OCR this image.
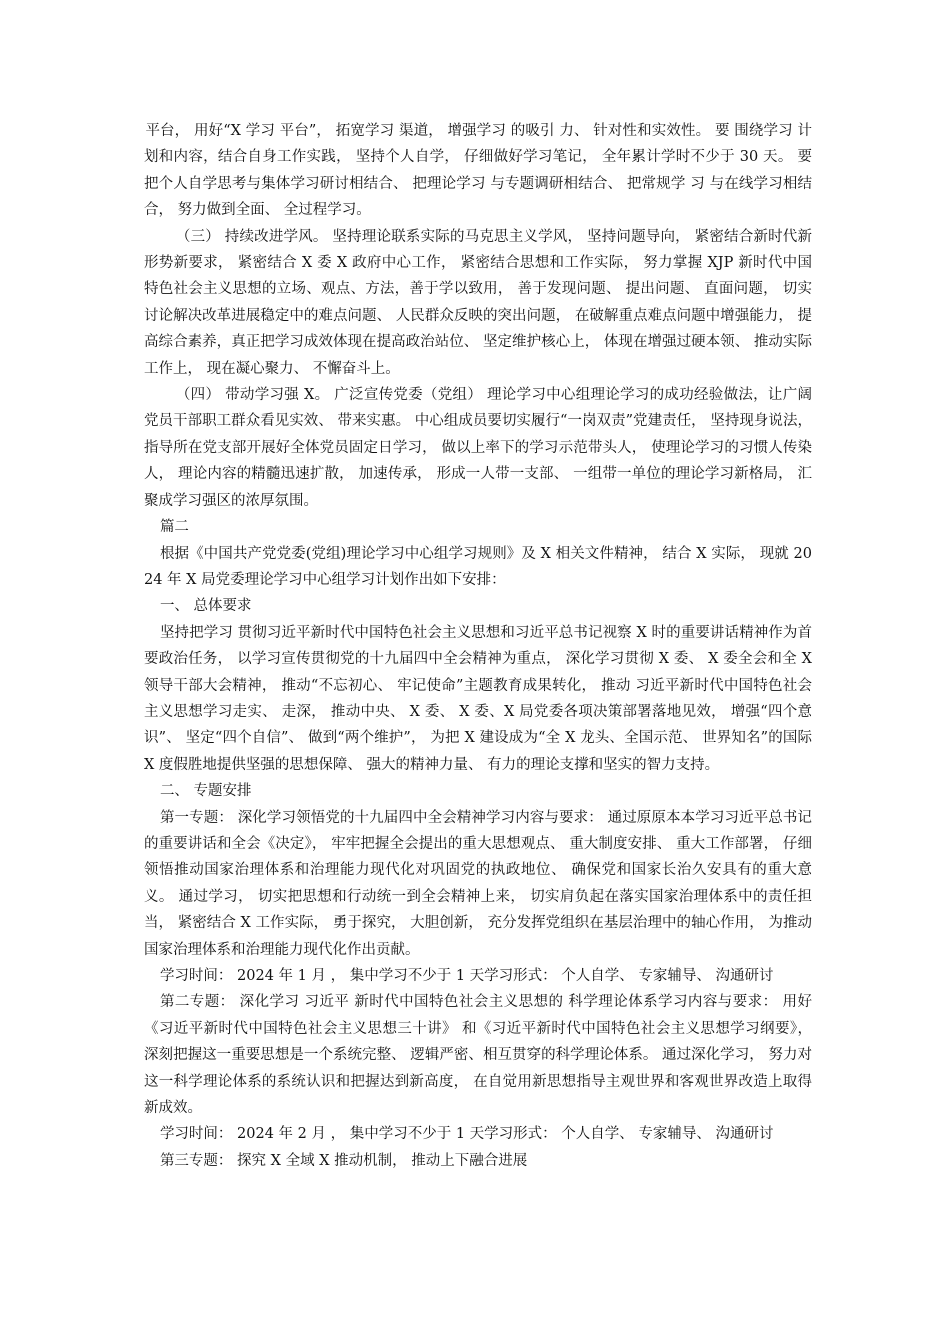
平台， 用好“X 学习 平台”， 拓宽学习 渠道， 增强学习 的吸引 力、 针对性和实效性。 要 围绕学习 计划和内容，结合自身工作实践， 坚持个人自学， 仔细做好学习笔记， 全年累计学时不少于 30 天。 要把个人自学思考与集体学习研讨相结合、 把理论学习 与专题调研相结合、 把常规学 习 与在线学习相结合， 努力做到全面、 全过程学习。

（三） 持续改进学风。 坚持理论联系实际的马克思主义学风， 坚持问题导向， 紧密结合新时代新形势新要求， 紧密结合 X 委 X 政府中心工作， 紧密结合思想和工作实际， 努力掌握 XJP 新时代中国特色社会主义思想的立场、观点、方法，善于学以致用， 善于发现问题、 提出问题、 直面问题， 切实讨论解决改革进展稳定中的难点问题、 人民群众反映的突出问题， 在破解重点难点问题中增强能力， 提高综合素养，真正把学习成效体现在提高政治站位、 坚定维护核心上， 体现在增强过硬本领、 推动实际工作上， 现在凝心聚力、 不懈奋斗上。

（四） 带动学习强 X。 广泛宣传党委（党组） 理论学习中心组理论学习的成功经验做法，让广阔党员干部职工群众看见实效、 带来实惠。 中心组成员要切实履行“一岗双责”党建责任， 坚持现身说法， 指导所在党支部开展好全体党员固定日学习， 做以上率下的学习示范带头人， 使理论学习的习惯人传染人， 理论内容的精髓迅速扩散， 加速传承， 形成一人带一支部、 一组带一单位的理论学习新格局， 汇聚成学习强区的浓厚氛围。

篇二

根据《中国共产党党委(党组)理论学习中心组学习规则》及 X 相关文件精神， 结合 X 实际， 现就 2024 年 X 局党委理论学习中心组学习计划作出如下安排：

一、 总体要求

坚持把学习 贯彻习近平新时代中国特色社会主义思想和习近平总书记视察 X 时的重要讲话精神作为首要政治任务， 以学习宣传贯彻党的十九届四中全会精神为重点， 深化学习贯彻 X 委、 X 委全会和全 X 领导干部大会精神， 推动“不忘初心、 牢记使命”主题教育成果转化， 推动 习近平新时代中国特色社会主义思想学习走实、 走深， 推动中央、 X 委、 X 委、X 局党委各项决策部署落地见效， 增强“四个意识”、 坚定“四个自信”、 做到“两个维护”， 为把 X 建设成为“全 X 龙头、全国示范、 世界知名”的国际 X 度假胜地提供坚强的思想保障、 强大的精神力量、 有力的理论支撑和坚实的智力支持。

二、 专题安排

第一专题： 深化学习领悟党的十九届四中全会精神学习内容与要求： 通过原原本本学习习近平总书记的重要讲话和全会《决定》， 牢牢把握全会提出的重大思想观点、 重大制度安排、 重大工作部署， 仔细领悟推动国家治理体系和治理能力现代化对巩固党的执政地位、 确保党和国家长治久安具有的重大意义。 通过学习， 切实把思想和行动统一到全会精神上来， 切实肩负起在落实国家治理体系中的责任担当， 紧密结合 X 工作实际， 勇于探究， 大胆创新， 充分发挥党组织在基层治理中的轴心作用， 为推动国家治理体系和治理能力现代化作出贡献。

学习时间： 2024 年 1 月 ， 集中学习不少于 1 天学习形式： 个人自学、 专家辅导、 沟通研讨

第二专题： 深化学习 习近平 新时代中国特色社会主义思想的 科学理论体系学习内容与要求： 用好《习近平新时代中国特色社会主义思想三十讲》 和《习近平新时代中国特色社会主义思想学习纲要》， 深刻把握这一重要思想是一个系统完整、 逻辑严密、相互贯穿的科学理论体系。 通过深化学习， 努力对这一科学理论体系的系统认识和把握达到新高度， 在自觉用新思想指导主观世界和客观世界改造上取得新成效。

学习时间： 2024 年 2 月 ， 集中学习不少于 1 天学习形式： 个人自学、 专家辅导、 沟通研讨

第三专题： 探究 X 全域 X 推动机制， 推动上下融合进展
